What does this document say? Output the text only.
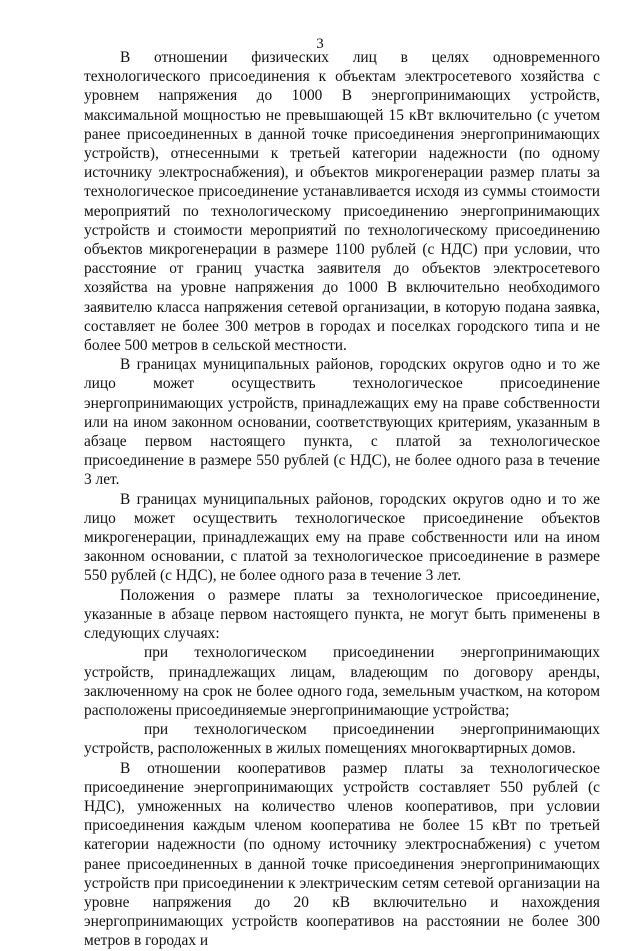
3

В отношении физических лиц в целях одновременного технологического присоединения к объектам электросетевого хозяйства с уровнем напряжения до 1000 В энергопринимающих устройств, максимальной мощностью не превышающей 15 кВт включительно (с учетом ранее присоединенных в данной точке присоединения энергопринимающих устройств), отнесенными к третьей категории надежности (по одному источнику электроснабжения), и объектов микрогенерации размер платы за технологическое присоединение устанавливается исходя из суммы стоимости мероприятий по технологическому присоединению энергопринимающих устройств и стоимости мероприятий по технологическому присоединению объектов микрогенерации в размере 1100 рублей (с НДС) при условии, что расстояние от границ участка заявителя до объектов электросетевого хозяйства на уровне напряжения до 1000 В включительно необходимого заявителю класса напряжения сетевой организации, в которую подана заявка, составляет не более 300 метров в городах и поселках городского типа и не более 500 метров в сельской местности.

В границах муниципальных районов, городских округов одно и то же лицо может осуществить технологическое присоединение энергопринимающих устройств, принадлежащих ему на праве собственности или на ином законном основании, соответствующих критериям, указанным в абзаце первом настоящего пункта, с платой за технологическое присоединение в размере 550 рублей (с НДС), не более одного раза в течение 3 лет.

В границах муниципальных районов, городских округов одно и то же лицо может осуществить технологическое присоединение объектов микрогенерации, принадлежащих ему на праве собственности или на ином законном основании, с платой за технологическое присоединение в размере 550 рублей (с НДС), не более одного раза в течение 3 лет.

Положения о размере платы за технологическое присоединение, указанные в абзаце первом настоящего пункта, не могут быть применены в следующих случаях:

при технологическом присоединении энергопринимающих устройств, принадлежащих лицам, владеющим по договору аренды, заключенному на срок не более одного года, земельным участком, на котором расположены присоединяемые энергопринимающие устройства;

при технологическом присоединении энергопринимающих устройств, расположенных в жилых помещениях многоквартирных домов.

В отношении кооперативов размер платы за технологическое присоединение энергопринимающих устройств составляет 550 рублей (с НДС), умноженных на количество членов кооперативов, при условии присоединения каждым членом кооператива не более 15 кВт по третьей категории надежности (по одному источнику электроснабжения) с учетом ранее присоединенных в данной точке присоединения энергопринимающих устройств при присоединении к электрическим сетям сетевой организации на уровне напряжения до 20 кВ включительно и нахождения энергопринимающих устройств кооперативов на расстоянии не более 300 метров в городах и
